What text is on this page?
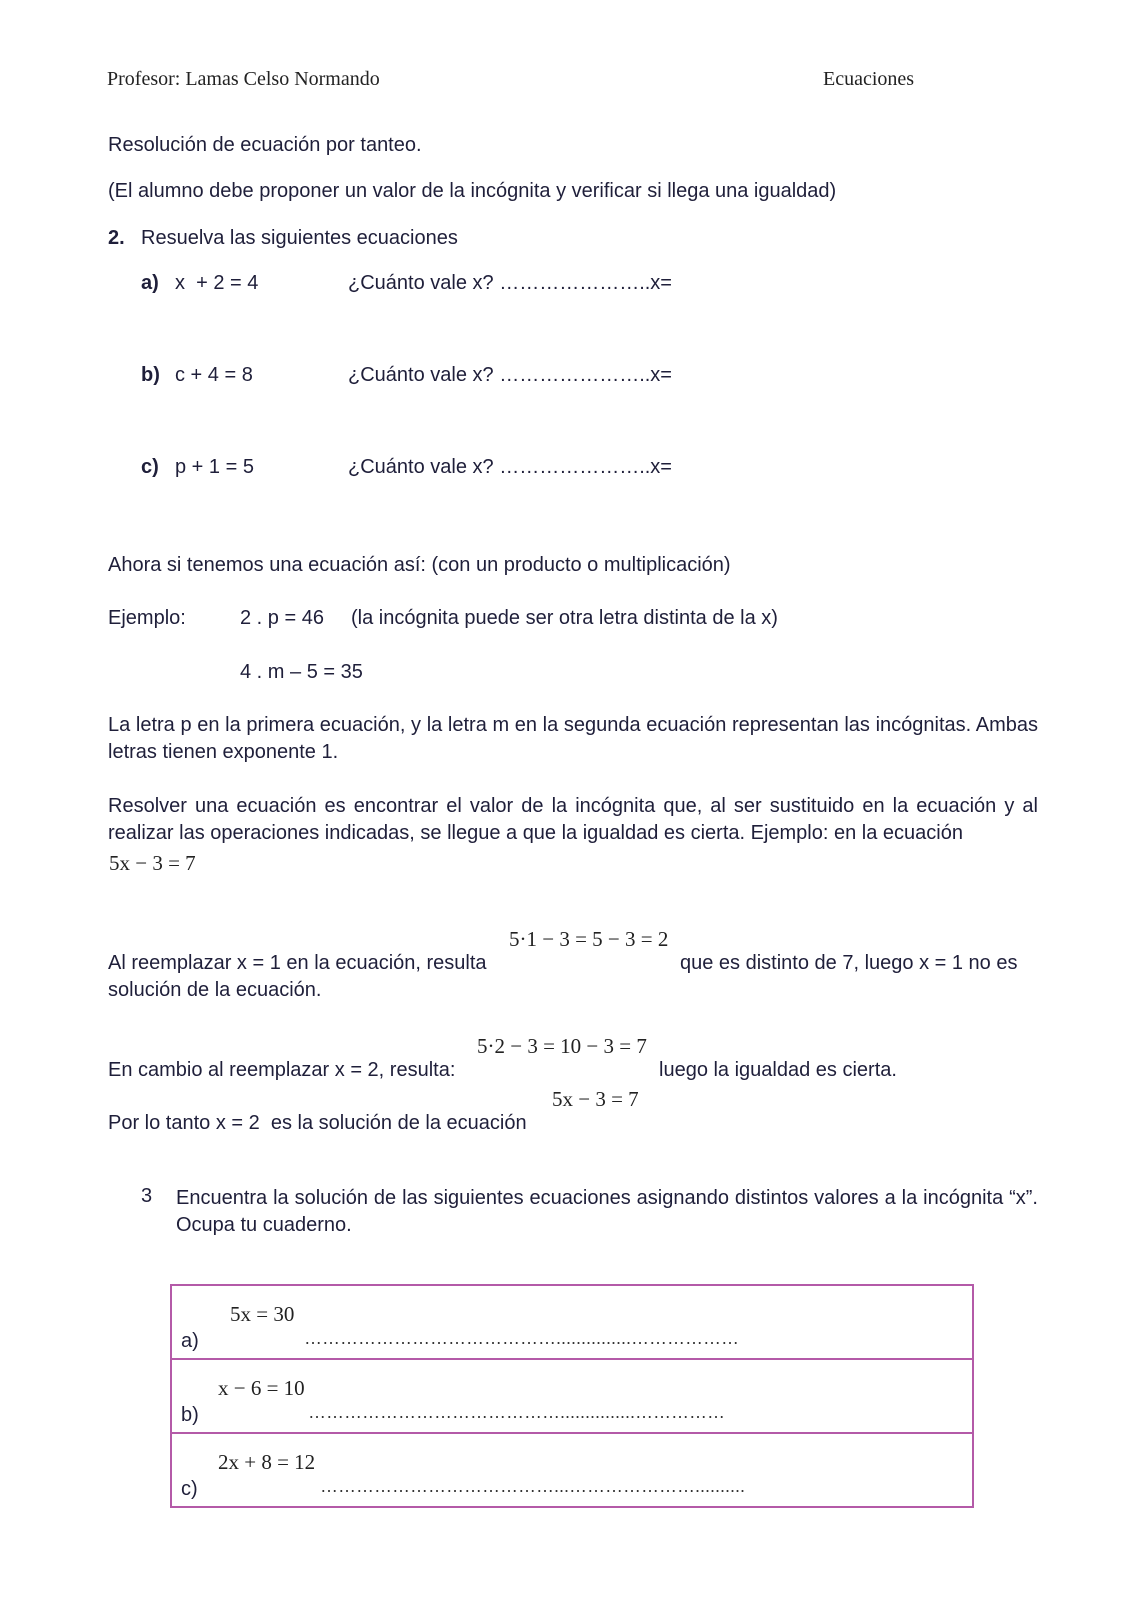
Profesor: Lamas Celso Normando	Ecuaciones
Resolución de ecuación por tanteo.
(El alumno debe proponer un valor de la incógnita y verificar si llega una igualdad)
2. Resuelva las siguientes ecuaciones
a) x  + 2 = 4	¿Cuánto vale x? …………………..x=
b) c + 4 = 8	¿Cuánto vale x? …………………..x=
c) p + 1 = 5	¿Cuánto vale x? …………………..x=
Ahora si tenemos una ecuación así: (con un producto o multiplicación)
Ejemplo:	2 . p = 46 (la incógnita puede ser otra letra distinta de la x)
4 . m – 5 = 35
La letra p en la primera ecuación, y la letra m en la segunda ecuación representan las incógnitas. Ambas letras tienen exponente 1.
Resolver una ecuación es encontrar el valor de la incógnita que, al ser sustituido en la ecuación y al realizar las operaciones indicadas, se llegue a que la igualdad es cierta. Ejemplo: en la ecuación
5x − 3 = 7
5·1 − 3 = 5 − 3 = 2
Al reemplazar x = 1 en la ecuación, resulta	que es distinto de 7, luego x = 1 no es
solución de la ecuación.
5·2 − 3 = 10 − 3 = 7
En cambio al reemplazar x = 2, resulta:	luego la igualdad es cierta.
5x − 3 = 7
Por lo tanto x = 2  es la solución de la ecuación
3 Encuentra la solución de las siguientes ecuaciones asignando distintos valores a la incógnita “x”. Ocupa tu cuaderno.
5x = 30
a)	……………………………………...............………………
x − 6 = 10
b)	……………………………………...............……………
2x + 8 = 12
c)	…………………………………...…………………..........
